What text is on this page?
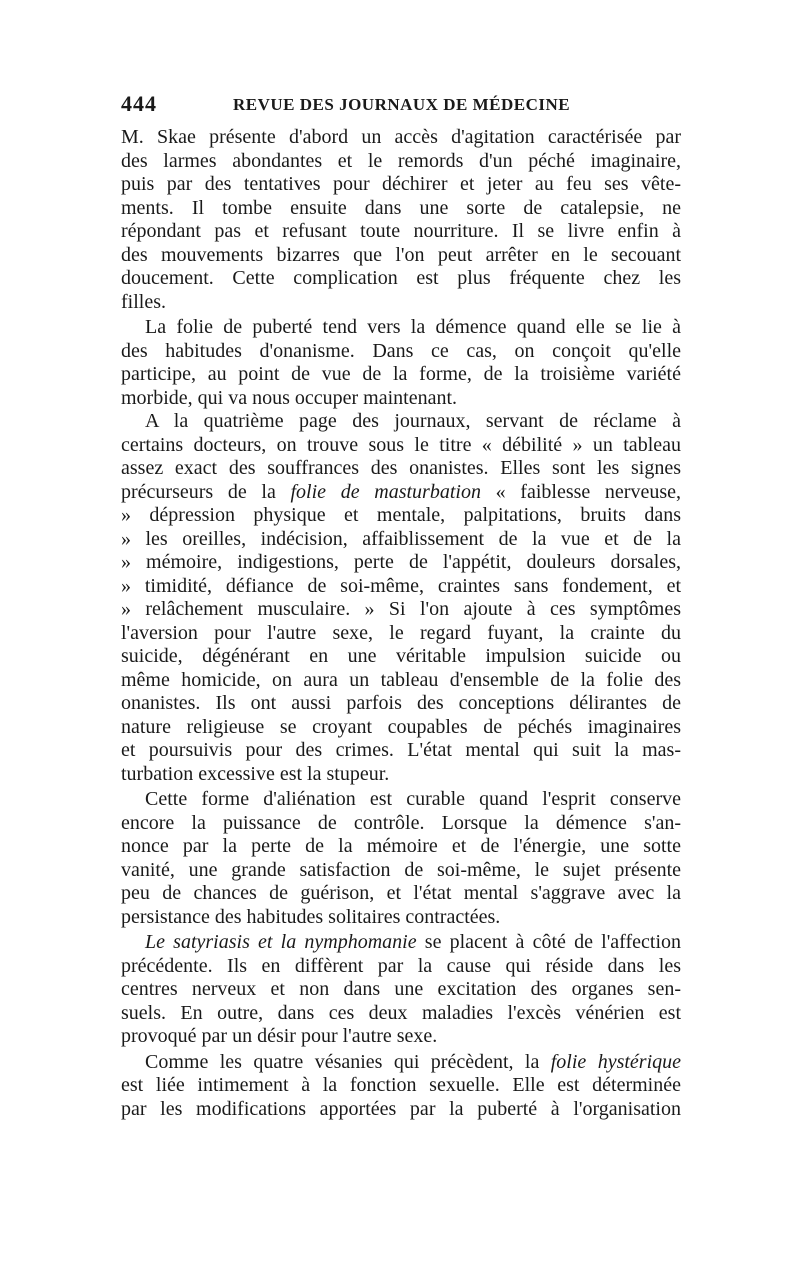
444	REVUE DES JOURNAUX DE MÉDECINE
M. Skae présente d'abord un accès d'agitation caractérisée par
des larmes abondantes et le remords d'un péché imaginaire,
puis par des tentatives pour déchirer et jeter au feu ses vête-
ments. Il tombe ensuite dans une sorte de catalepsie, ne
répondant pas et refusant toute nourriture. Il se livre enfin à
des mouvements bizarres que l'on peut arrêter en le secouant
doucement. Cette complication est plus fréquente chez les
filles.
La folie de puberté tend vers la démence quand elle se lie à
des habitudes d'onanisme. Dans ce cas, on conçoit qu'elle
participe, au point de vue de la forme, de la troisième variété
morbide, qui va nous occuper maintenant.
A la quatrième page des journaux, servant de réclame à
certains docteurs, on trouve sous le titre « débilité » un tableau
assez exact des souffrances des onanistes. Elles sont les signes
précurseurs de la folie de masturbation « faiblesse nerveuse,
» dépression physique et mentale, palpitations, bruits dans
» les oreilles, indécision, affaiblissement de la vue et de la
» mémoire, indigestions, perte de l'appétit, douleurs dorsales,
» timidité, défiance de soi-même, craintes sans fondement, et
» relâchement musculaire. » Si l'on ajoute à ces symptômes
l'aversion pour l'autre sexe, le regard fuyant, la crainte du
suicide, dégénérant en une véritable impulsion suicide ou
même homicide, on aura un tableau d'ensemble de la folie des
onanistes. Ils ont aussi parfois des conceptions délirantes de
nature religieuse se croyant coupables de péchés imaginaires
et poursuivis pour des crimes. L'état mental qui suit la mas-
turbation excessive est la stupeur.
Cette forme d'aliénation est curable quand l'esprit conserve
encore la puissance de contrôle. Lorsque la démence s'an-
nonce par la perte de la mémoire et de l'énergie, une sotte
vanité, une grande satisfaction de soi-même, le sujet présente
peu de chances de guérison, et l'état mental s'aggrave avec la
persistance des habitudes solitaires contractées.
Le satyriasis et la nymphomanie se placent à côté de l'affection
précédente. Ils en diffèrent par la cause qui réside dans les
centres nerveux et non dans une excitation des organes sen-
suels. En outre, dans ces deux maladies l'excès vénérien est
provoqué par un désir pour l'autre sexe.
Comme les quatre vésanies qui précèdent, la folie hystérique
est liée intimement à la fonction sexuelle. Elle est déterminée
par les modifications apportées par la puberté à l'organisation
